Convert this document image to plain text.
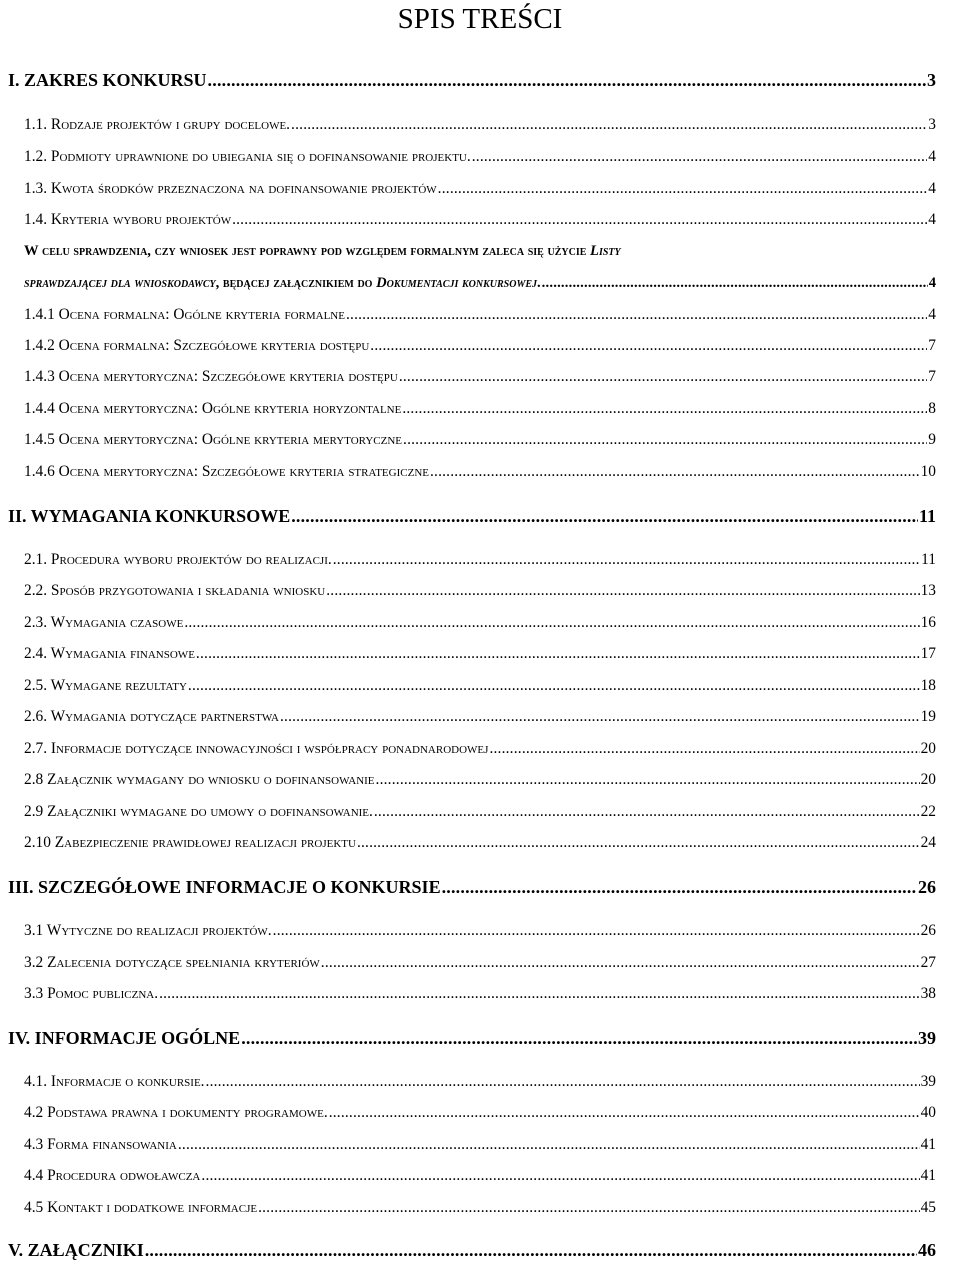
SPIS TREŚCI
I. ZAKRES KONKURSU .....	3
1.1. Rodzaje projektów i grupy docelowe. .....	3
1.2. Podmioty uprawnione do ubiegania się o dofinansowanie projektu. .....	4
1.3. Kwota środków przeznaczona na dofinansowanie projektów .....	4
1.4. Kryteria wyboru projektów .....	4
W celu sprawdzenia, czy wniosek jest poprawny pod względem formalnym zaleca się użycie Listy
sprawdzającej dla wnioskodawcy, będącej załącznikiem do Dokumentacji konkursowej. .....	4
1.4.1 Ocena formalna: Ogólne kryteria formalne .....	4
1.4.2 Ocena formalna: Szczegółowe kryteria dostępu .....	7
1.4.3 Ocena merytoryczna: Szczegółowe kryteria dostępu .....	7
1.4.4 Ocena merytoryczna: Ogólne kryteria horyzontalne .....	8
1.4.5 Ocena merytoryczna: Ogólne kryteria merytoryczne .....	9
1.4.6 Ocena merytoryczna: Szczegółowe kryteria strategiczne .....	10
II. WYMAGANIA KONKURSOWE .....	11
2.1. Procedura wyboru projektów do realizacji. .....	11
2.2. Sposób przygotowania i składania wniosku .....	13
2.3. Wymagania czasowe .....	16
2.4. Wymagania finansowe .....	17
2.5. Wymagane rezultaty .....	18
2.6. Wymagania dotyczące partnerstwa .....	19
2.7. Informacje dotyczące innowacyjności i współpracy ponadnarodowej .....	20
2.8 Załącznik wymagany do wniosku o dofinansowanie .....	20
2.9 Załączniki wymagane do umowy o dofinansowanie. .....	22
2.10 Zabezpieczenie prawidłowej realizacji projektu .....	24
III. SZCZEGÓŁOWE INFORMACJE O KONKURSIE .....	26
3.1 Wytyczne do realizacji projektów. .....	26
3.2 Zalecenia dotyczące spełniania kryteriów .....	27
3.3 Pomoc publiczna. .....	38
IV. INFORMACJE OGÓLNE .....	39
4.1. Informacje o konkursie. .....	39
4.2 Podstawa prawna i dokumenty programowe. .....	40
4.3 Forma finansowania .....	41
4.4 Procedura odwoławcza .....	41
4.5 Kontakt i dodatkowe informacje .....	45
V. ZAŁĄCZNIKI .....	46
